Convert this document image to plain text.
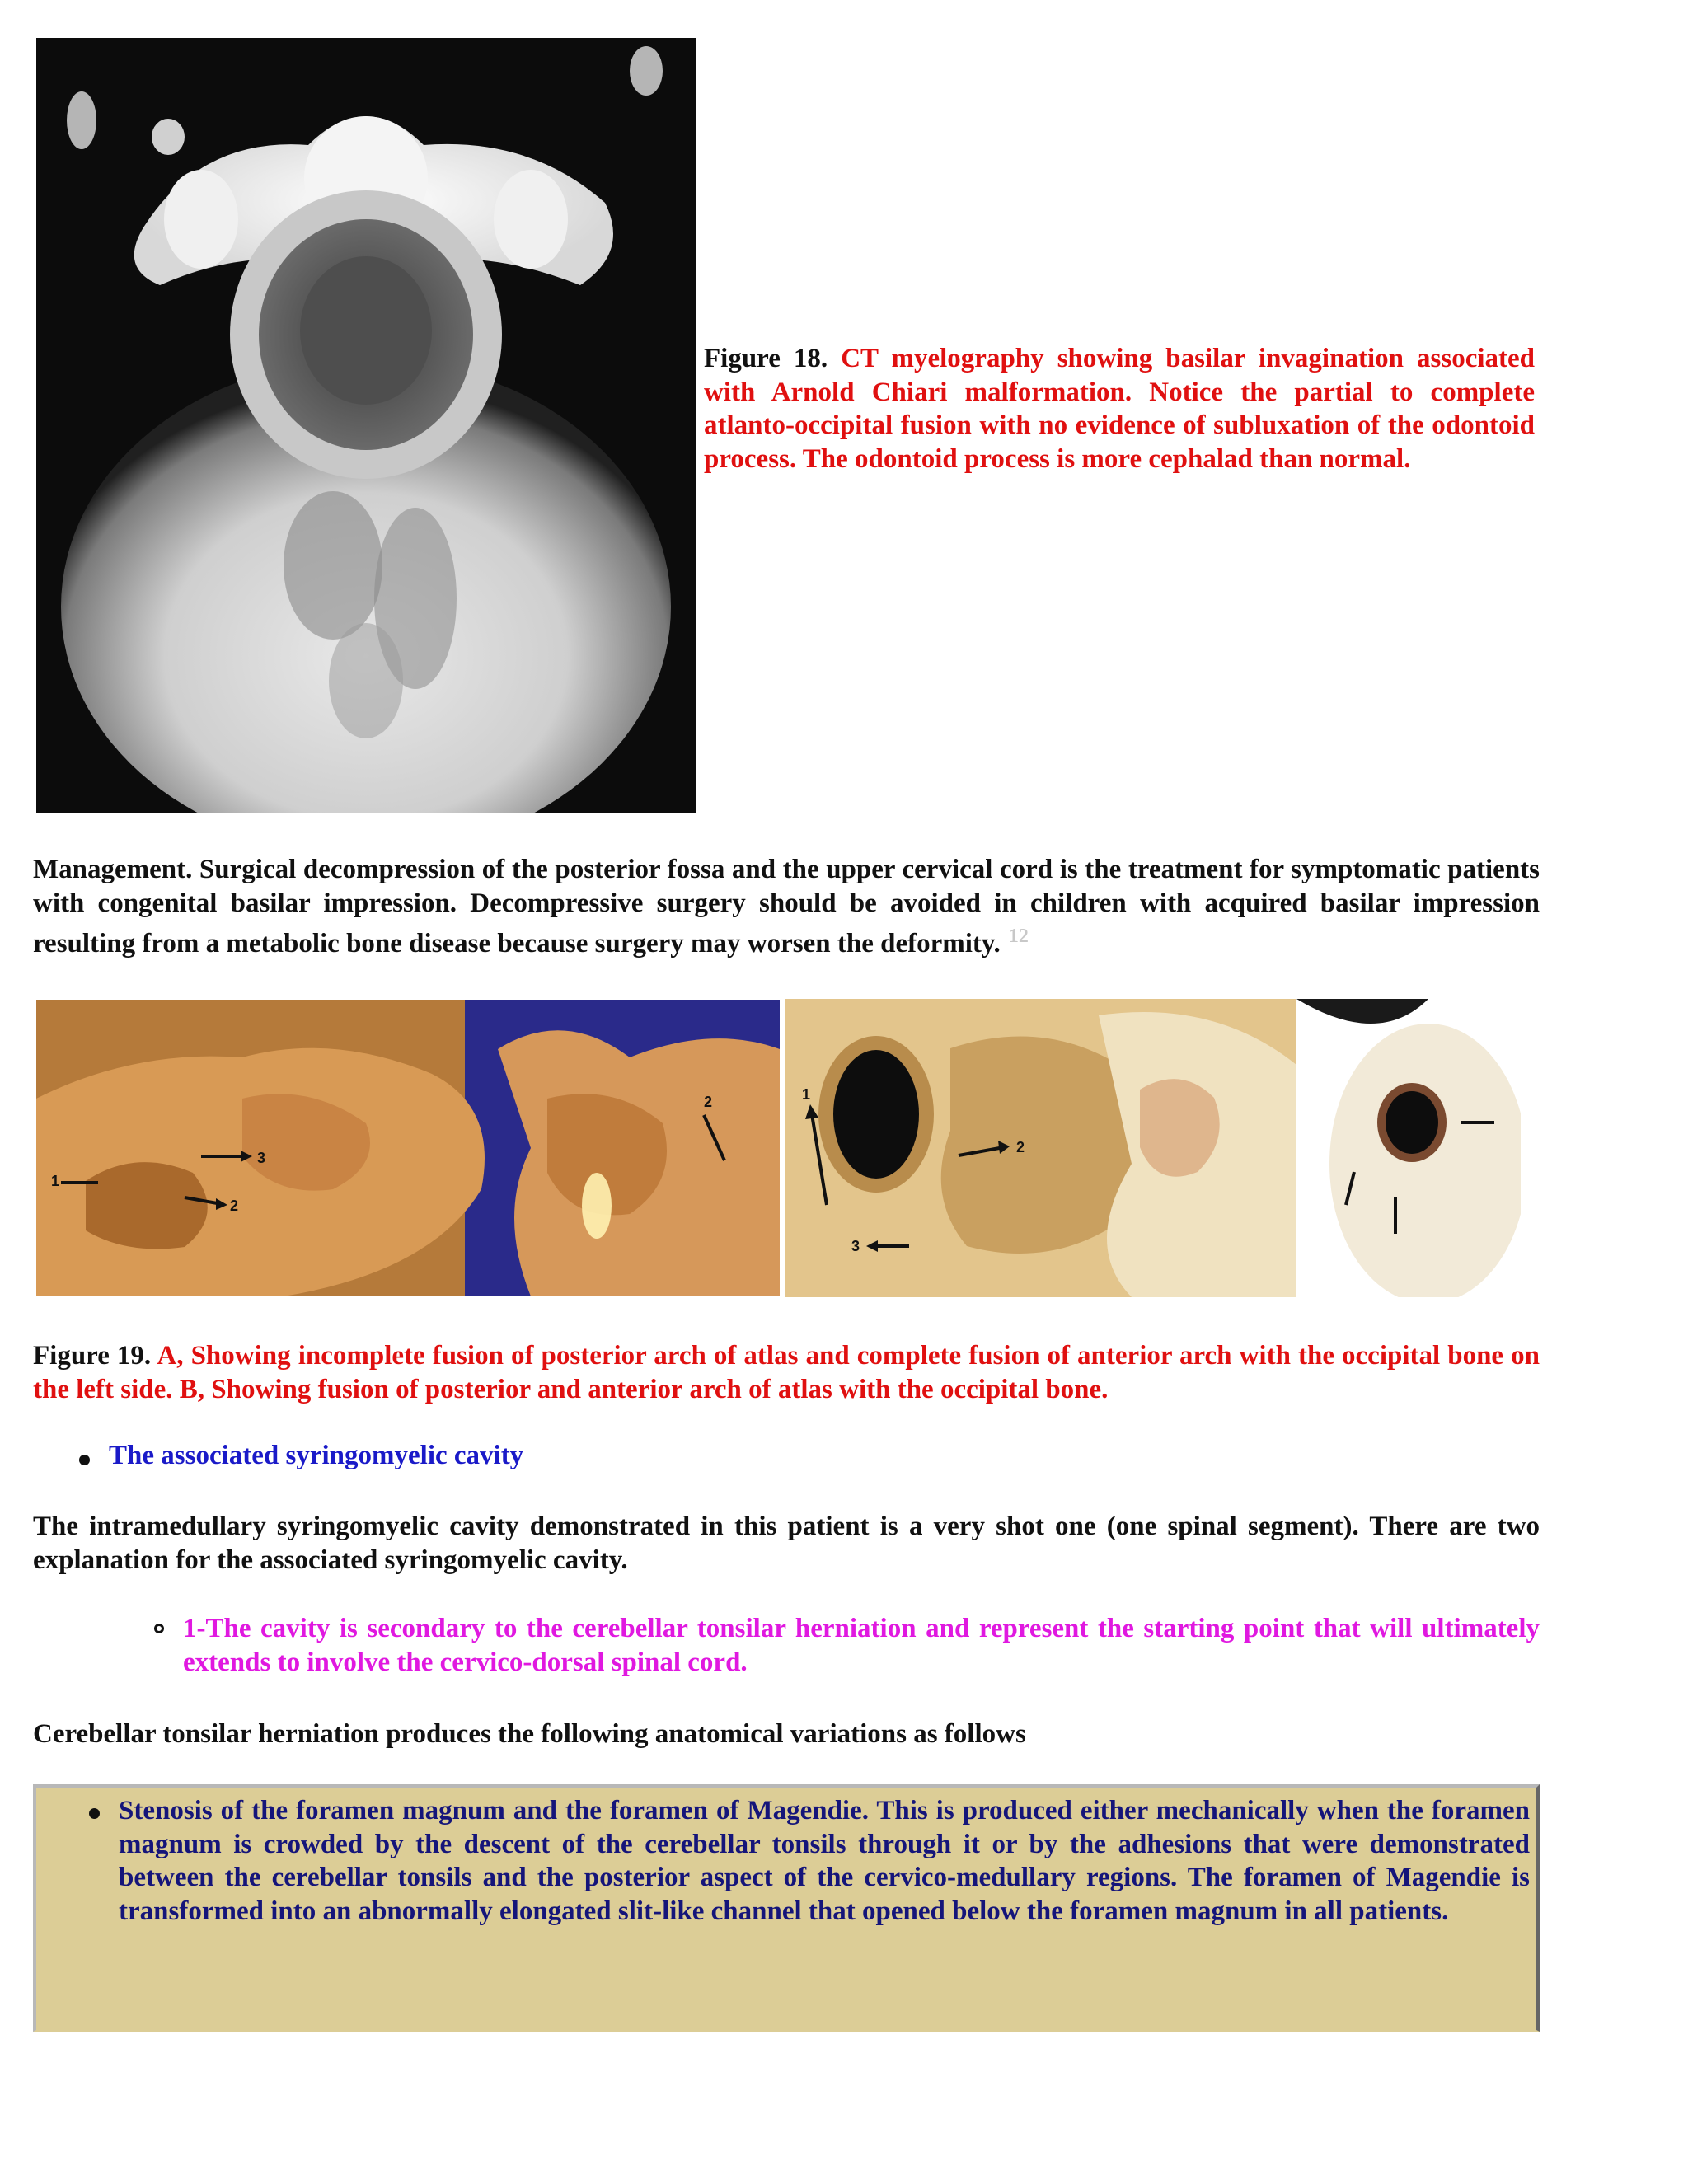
Figure 18. CT myelography showing basilar invagination associated with Arnold Chiari malformation. Notice the partial to complete atlanto-occipital fusion with no evidence of subluxation of the odontoid process. The odontoid process is more cephalad than normal.
Management. Surgical decompression of the posterior fossa and the upper cervical cord is the treatment for symptomatic patients with congenital basilar impression. Decompressive surgery should be avoided in children with acquired basilar impression resulting from a metabolic bone disease because surgery may worsen the deformity. $^{12}$
3
2
1
2	1
2
3
Figure 19. A, Showing incomplete fusion of posterior arch of atlas and complete fusion of anterior arch with the occipital bone on the left side. B, Showing fusion of posterior and anterior arch of atlas with the occipital bone.
The associated syringomyelic cavity
The intramedullary syringomyelic cavity demonstrated in this patient is a very shot one (one spinal segment). There are two explanation for the associated syringomyelic cavity.
1-The cavity is secondary to the cerebellar tonsilar herniation and represent the starting point that will ultimately extends to involve the cervico-dorsal spinal cord.
Cerebellar tonsilar herniation produces the following anatomical variations as follows
Stenosis of the foramen magnum and the foramen of Magendie. This is produced either mechanically when the foramen magnum is crowded by the descent of the cerebellar tonsils through it or by the adhesions that were demonstrated between the cerebellar tonsils and the posterior aspect of the cervico-medullary regions. The foramen of Magendie is transformed into an abnormally elongated slit-like channel that opened below the foramen magnum in all patients.
